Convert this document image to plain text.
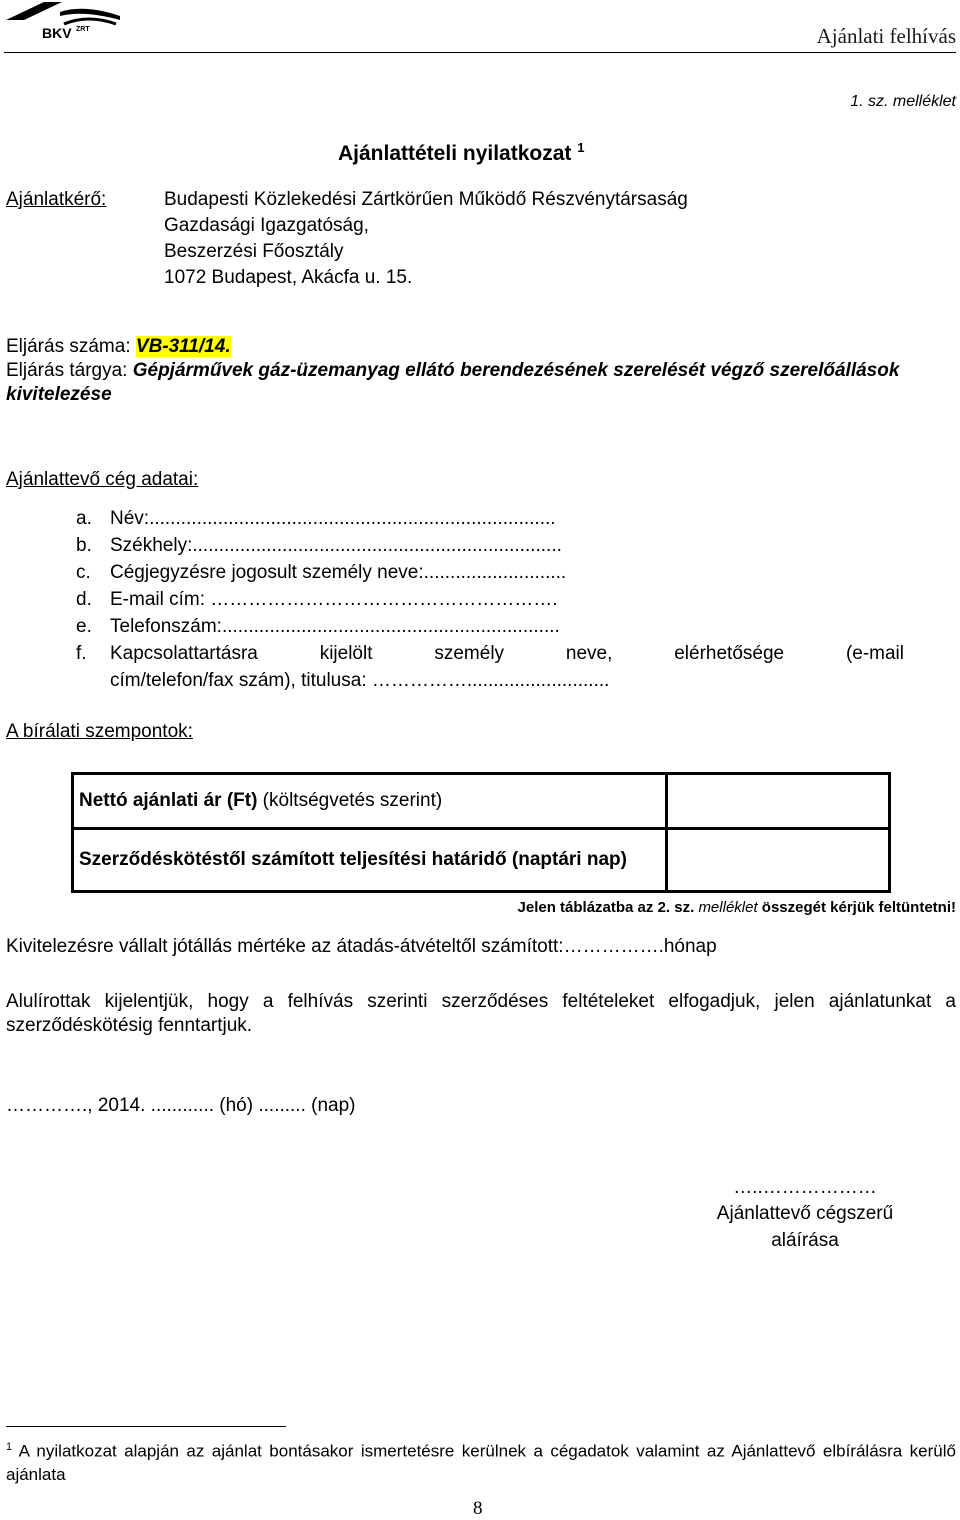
BKV ZRT	Ajánlati felhívás
1. sz. melléklet
Ajánlattételi nyilatkozat $^1$
Ajánlatkérő:	Budapesti Közlekedési Zártkörűen Működő Részvénytársaság
Gazdasági Igazgatóság,
Beszerzési Főosztály
1072 Budapest, Akácfa u. 15.
Eljárás száma: VB-311/14.
Eljárás tárgya: Gépjárművek gáz-üzemanyag ellátó berendezésének szerelését végző szerelőállások kivitelezése
Ajánlattevő cég adatai:
a. Név:.............................................................................
b. Székhely:......................................................................
c. Cégjegyzésre jogosult személy neve:...........................
d. E-mail cím: ……………………………………………….
e. Telefonszám:................................................................
f.	Kapcsolattartásra	kijelölt	személy	neve,	elérhetősége	(e-mail
cím/telefon/fax szám), titulusa: ……………...........................
A bírálati szempontok:
Nettó ajánlati ár (Ft) (költségvetés szerint)	
Szerződéskötéstől számított teljesítési határidő (naptári nap)	
Jelen táblázatba az 2. sz. melléklet összegét kérjük feltüntetni!
Kivitelezésre vállalt jótállás mértéke az átadás-átvételtől számított:…………….hónap
Alulírottak kijelentjük, hogy a felhívás szerinti szerződéses feltételeket elfogadjuk, jelen ajánlatunkat a szerződéskötésig fenntartjuk.
…………., 2014. ............ (hó) ......... (nap)
…..………………
Ajánlattevő cégszerű
aláírása
$^1$ A nyilatkozat alapján az ajánlat bontásakor ismertetésre kerülnek a cégadatok valamint az Ajánlattevő elbírálásra kerülő ajánlata
8
